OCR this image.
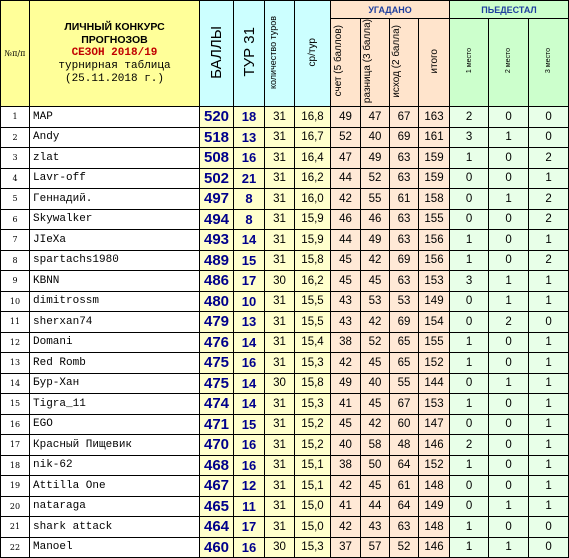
№п/п	ЛИЧНЫЙ КОНКУРС
ПРОГНОЗОВ
СЕЗОН 2018/19
турнирная таблица
(25.11.2018 г.)	БАЛЛЫ	ТУР 31	количество туров	ср/тур	УГАДАНО				ПЬЕДЕСТАЛ		
						счет (5 баллов)	разница (3 балла)	исход (2 балла)	итого	1 место	2 место	3 место
1	MAP	520	18	31	16,8	49	47	67	163	2	0	0
2	Andy	518	13	31	16,7	52	40	69	161	3	1	0
3	zlat	508	16	31	16,4	47	49	63	159	1	0	2
4	Lavr-off	502	21	31	16,2	44	52	63	159	0	0	1
5	Геннадий.	497	8	31	16,0	42	55	61	158	0	1	2
6	Skywalker	494	8	31	15,9	46	46	63	155	0	0	2
7	JIeXa	493	14	31	15,9	44	49	63	156	1	0	1
8	spartachs1980	489	15	31	15,8	45	42	69	156	1	0	2
9	KBNN	486	17	30	16,2	45	45	63	153	3	1	1
10	dimitrossm	480	10	31	15,5	43	53	53	149	0	1	1
11	sherxan74	479	13	31	15,5	43	42	69	154	0	2	0
12	Domani	476	14	31	15,4	38	52	65	155	1	0	1
13	Red Romb	475	16	31	15,3	42	45	65	152	1	0	1
14	Бур-Хан	475	14	30	15,8	49	40	55	144	0	1	1
15	Tigra_11	474	14	31	15,3	41	45	67	153	1	0	1
16	EGO	471	15	31	15,2	45	42	60	147	0	0	1
17	Красный Пищевик	470	16	31	15,2	40	58	48	146	2	0	1
18	nik-62	468	16	31	15,1	38	50	64	152	1	0	1
19	Attilla One	467	12	31	15,1	42	45	61	148	0	0	1
20	nataraga	465	11	31	15,0	41	44	64	149	0	1	1
21	shark attack	464	17	31	15,0	42	43	63	148	1	0	0
22	Manoel	460	16	30	15,3	37	57	52	146	1	1	0
